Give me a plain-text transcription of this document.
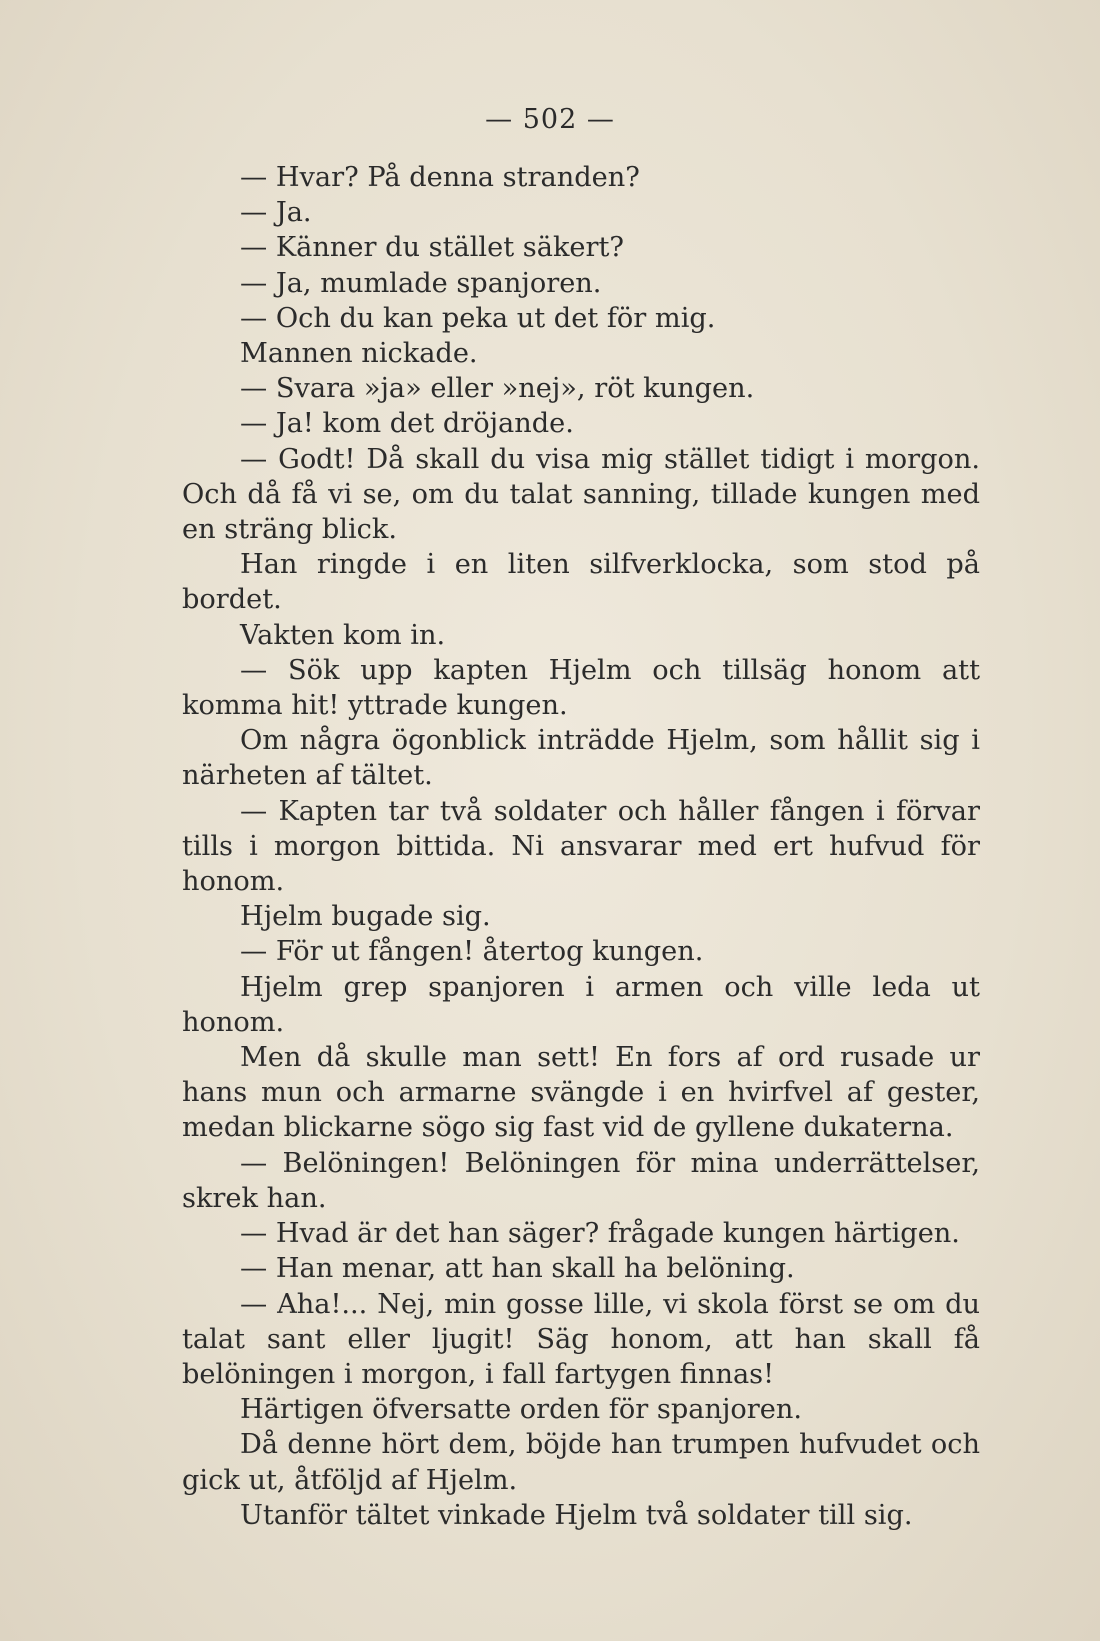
— 502 —

— Hvar? På denna stranden?

— Ja.

— Känner du stället säkert?

— Ja, mumlade spanjoren.

— Och du kan peka ut det för mig.

Mannen nickade.

— Svara »ja» eller »nej», röt kungen.

— Ja! kom det dröjande.

— Godt! Då skall du visa mig stället tidigt i morgon. Och då få vi se, om du talat sanning, tillade kungen med en sträng blick.

Han ringde i en liten silfverklocka, som stod på bordet.

Vakten kom in.

— Sök upp kapten Hjelm och tillsäg honom att komma hit! yttrade kungen.

Om några ögonblick inträdde Hjelm, som hållit sig i närheten af tältet.

— Kapten tar två soldater och håller fången i förvar tills i morgon bittida. Ni ansvarar med ert hufvud för honom.

Hjelm bugade sig.

— För ut fången! återtog kungen.

Hjelm grep spanjoren i armen och ville leda ut honom.

Men då skulle man sett! En fors af ord rusade ur hans mun och armarne svängde i en hvirfvel af gester, medan blickarne sögo sig fast vid de gyllene dukaterna.

— Belöningen! Belöningen för mina underrättelser, skrek han.

— Hvad är det han säger? frågade kungen härtigen.

— Han menar, att han skall ha belöning.

— Aha!... Nej, min gosse lille, vi skola först se om du talat sant eller ljugit! Säg honom, att han skall få belöningen i morgon, i fall fartygen finnas!

Härtigen öfversatte orden för spanjoren.

Då denne hört dem, böjde han trumpen hufvudet och gick ut, åtföljd af Hjelm.

Utanför tältet vinkade Hjelm två soldater till sig.
